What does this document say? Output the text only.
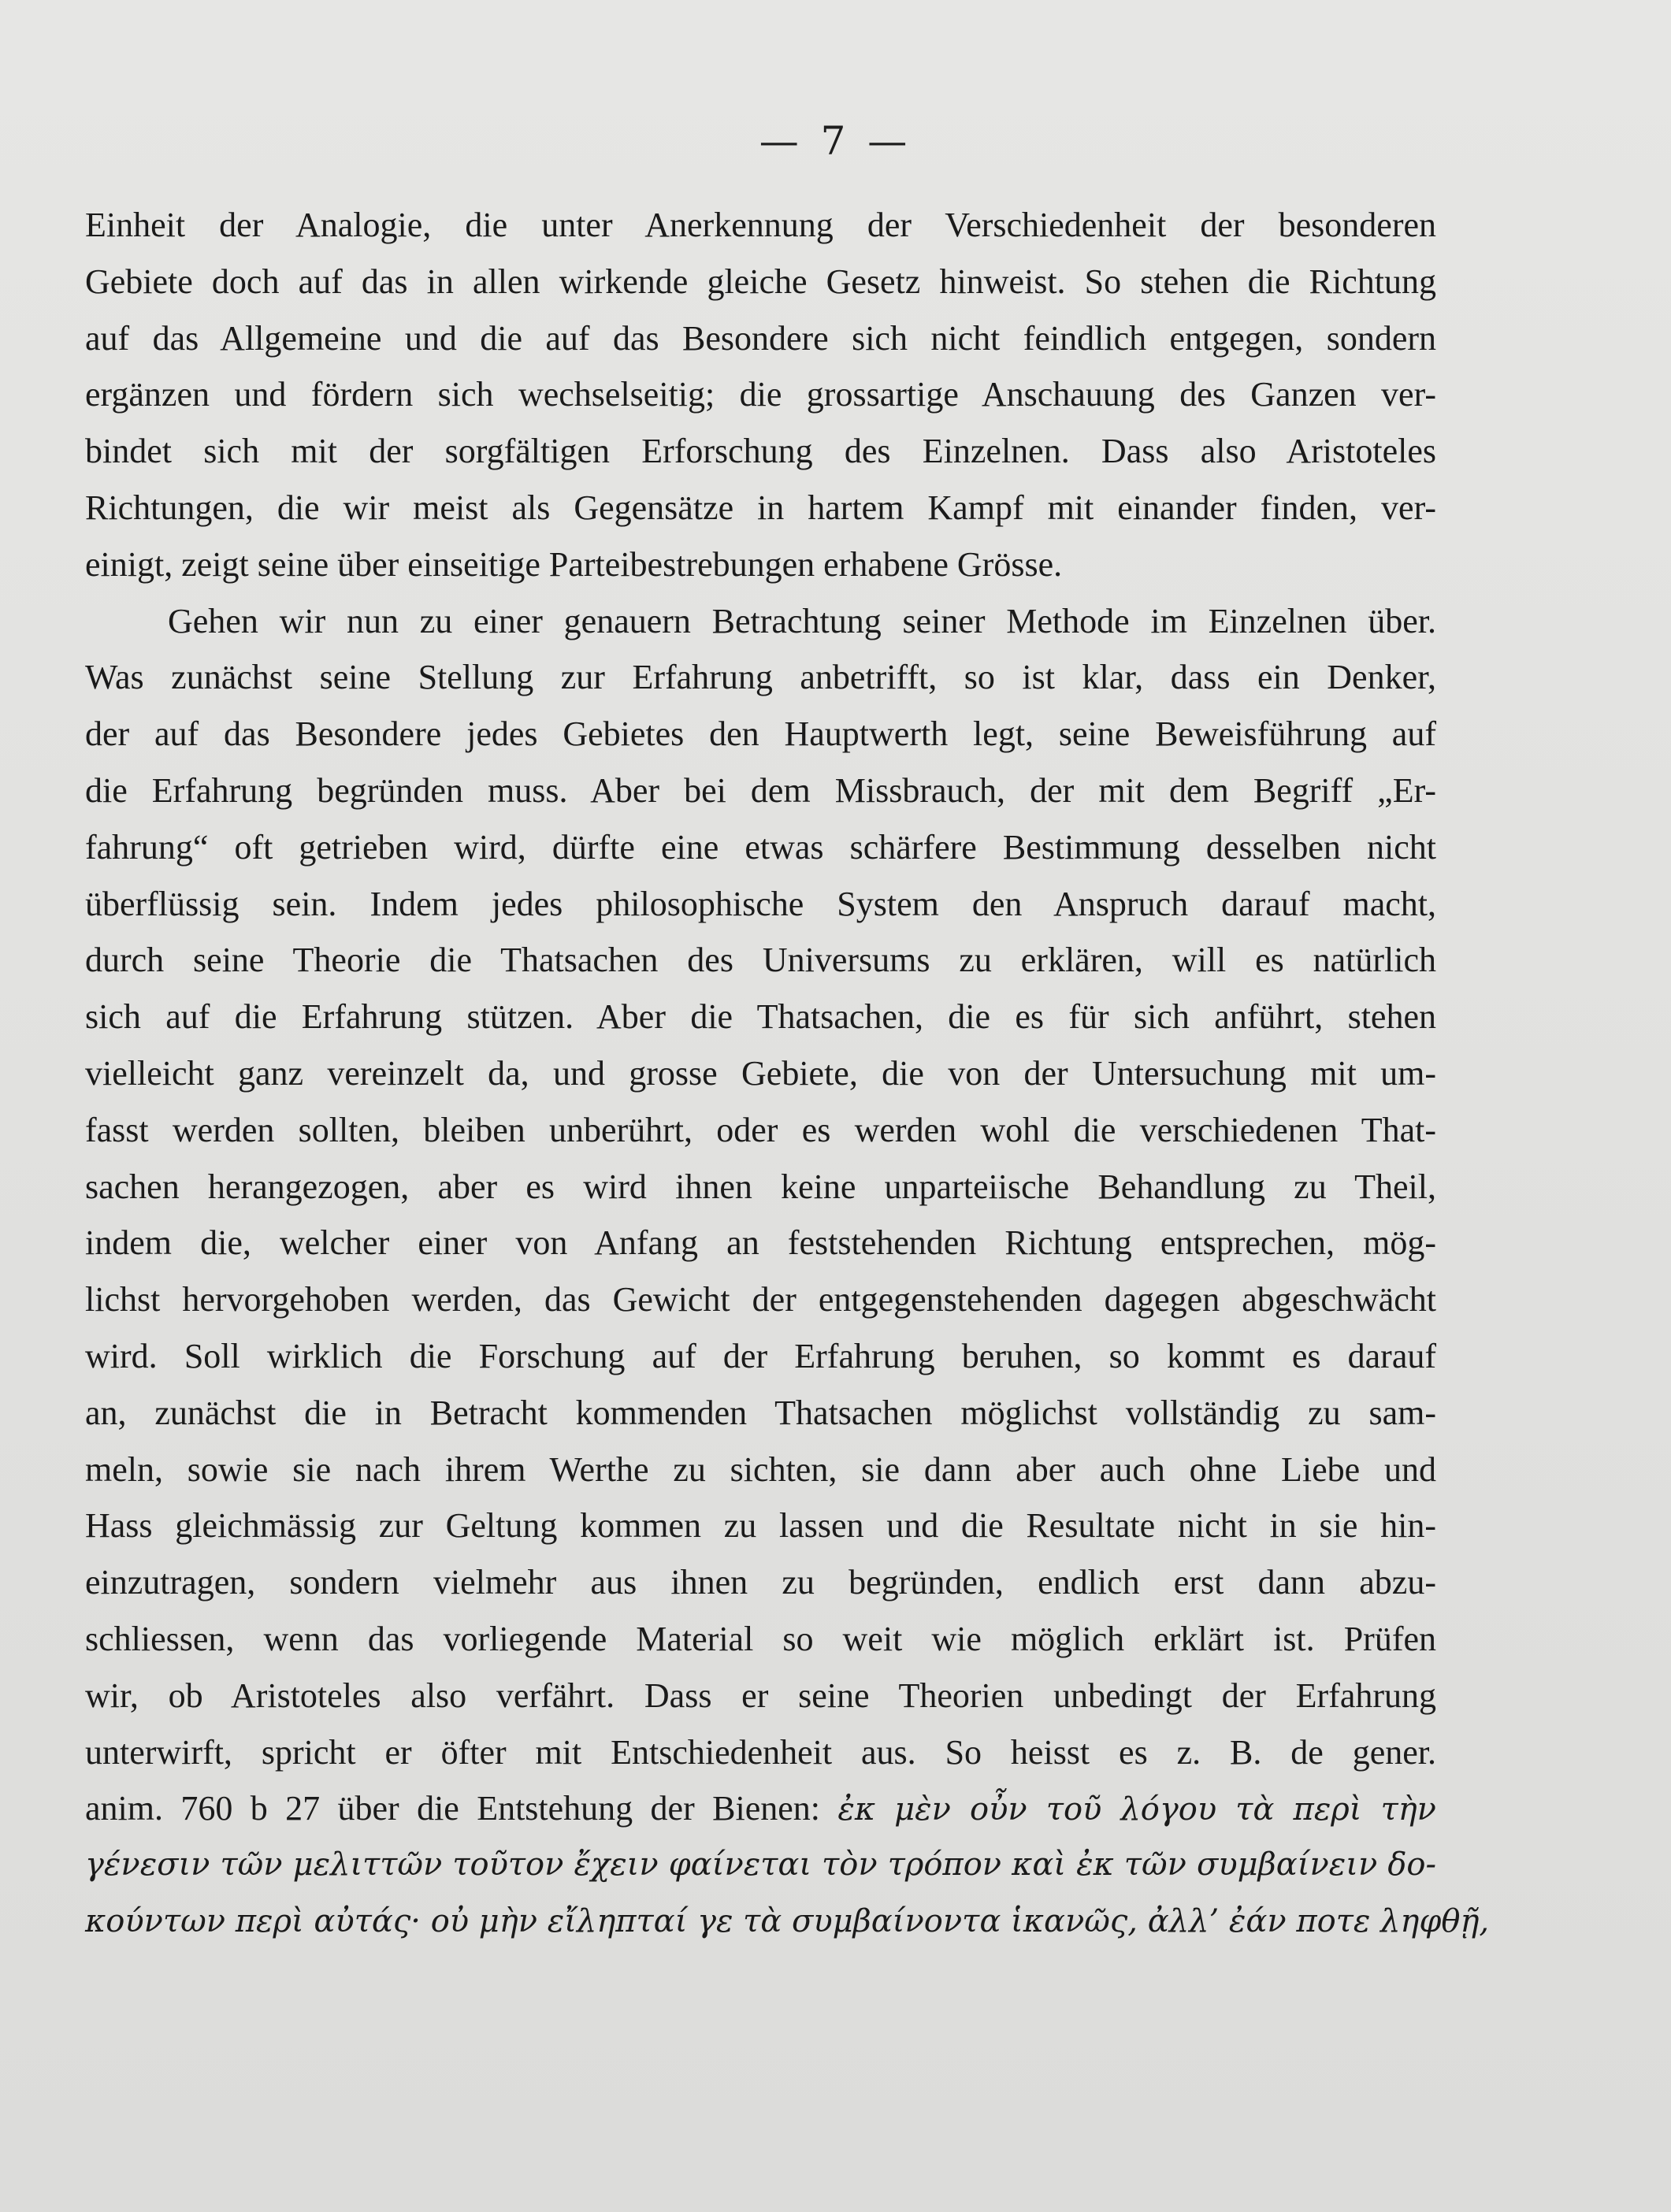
— 7 —
Einheit der Analogie, die unter Anerkennung der Verschiedenheit der besonderen
Gebiete doch auf das in allen wirkende gleiche Gesetz hinweist. So stehen die Richtung
auf das Allgemeine und die auf das Besondere sich nicht feindlich entgegen, sondern
ergänzen und fördern sich wechselseitig; die grossartige Anschauung des Ganzen ver-
bindet sich mit der sorgfältigen Erforschung des Einzelnen. Dass also Aristoteles
Richtungen, die wir meist als Gegensätze in hartem Kampf mit einander finden, ver-
einigt, zeigt seine über einseitige Parteibestrebungen erhabene Grösse.
Gehen wir nun zu einer genauern Betrachtung seiner Methode im Einzelnen über.
Was zunächst seine Stellung zur Erfahrung anbetrifft, so ist klar, dass ein Denker,
der auf das Besondere jedes Gebietes den Hauptwerth legt, seine Beweisführung auf
die Erfahrung begründen muss. Aber bei dem Missbrauch, der mit dem Begriff „Er-
fahrung“ oft getrieben wird, dürfte eine etwas schärfere Bestimmung desselben nicht
überflüssig sein. Indem jedes philosophische System den Anspruch darauf macht,
durch seine Theorie die Thatsachen des Universums zu erklären, will es natürlich
sich auf die Erfahrung stützen. Aber die Thatsachen, die es für sich anführt, stehen
vielleicht ganz vereinzelt da, und grosse Gebiete, die von der Untersuchung mit um-
fasst werden sollten, bleiben unberührt, oder es werden wohl die verschiedenen That-
sachen herangezogen, aber es wird ihnen keine unparteiische Behandlung zu Theil,
indem die, welcher einer von Anfang an feststehenden Richtung entsprechen, mög-
lichst hervorgehoben werden, das Gewicht der entgegenstehenden dagegen abgeschwächt
wird. Soll wirklich die Forschung auf der Erfahrung beruhen, so kommt es darauf
an, zunächst die in Betracht kommenden Thatsachen möglichst vollständig zu sam-
meln, sowie sie nach ihrem Werthe zu sichten, sie dann aber auch ohne Liebe und
Hass gleichmässig zur Geltung kommen zu lassen und die Resultate nicht in sie hin-
einzutragen, sondern vielmehr aus ihnen zu begründen, endlich erst dann abzu-
schliessen, wenn das vorliegende Material so weit wie möglich erklärt ist. Prüfen
wir, ob Aristoteles also verfährt. Dass er seine Theorien unbedingt der Erfahrung
unterwirft, spricht er öfter mit Entschiedenheit aus. So heisst es z. B. de gener.
anim. 760 b 27 über die Entstehung der Bienen: ἐκ μὲν οὖν τοῦ λόγου τὰ περὶ τὴν
γένεσιν τῶν μελιττῶν τοῦτον ἔχειν φαίνεται τὸν τρόπον καὶ ἐκ τῶν συμβαίνειν δο-
κούντων περὶ αὐτάς· οὐ μὴν εἴληπταί γε τὰ συμβαίνοντα ἱκανῶς, ἀλλ’ ἐάν ποτε ληφθῇ,
